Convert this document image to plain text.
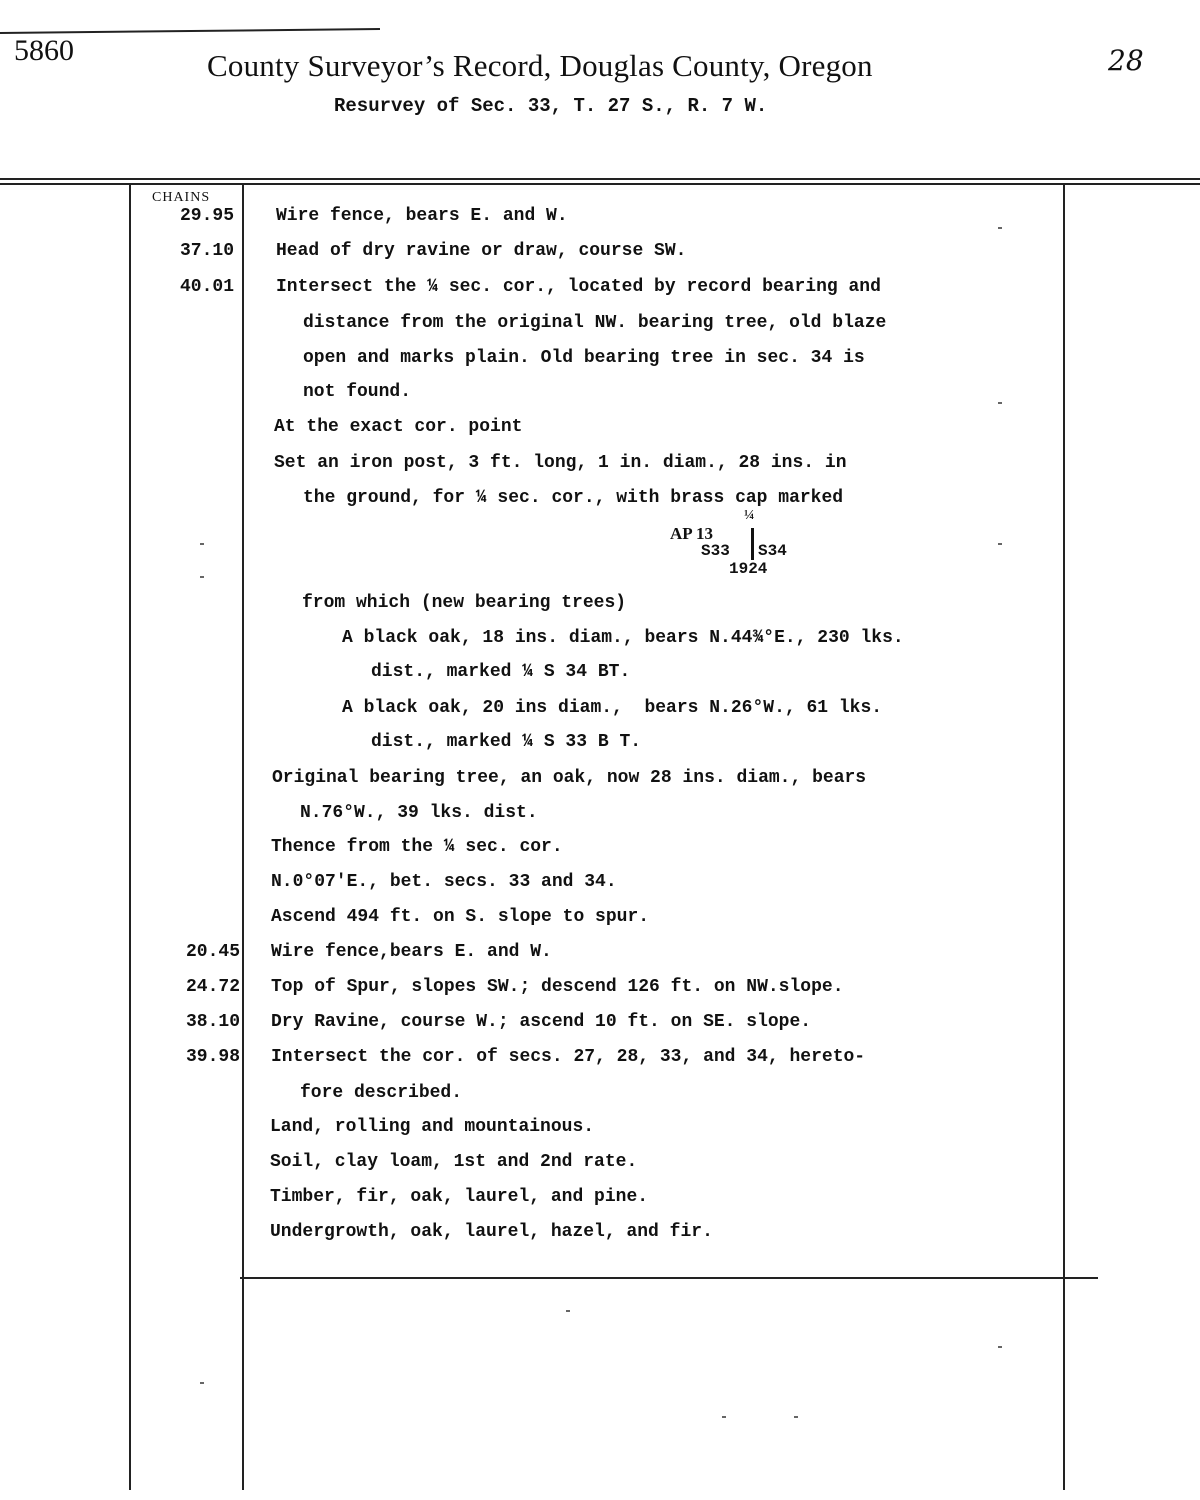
5860	County Surveyor’s Record, Douglas County, Oregon	28
Resurvey of Sec. 33, T. 27 S., R. 7 W.
CHAINS
29.95
37.10
40.01
20.45
24.72
38.10
39.98
Wire fence, bears E. and W.
Head of dry ravine or draw, course SW.
Intersect the ¼ sec. cor., located by record bearing and
distance from the original NW. bearing tree, old blaze
open and marks plain. Old bearing tree in sec. 34 is
not found.
At the exact cor. point
Set an iron post, 3 ft. long, 1 in. diam., 28 ins. in
the ground, for ¼ sec. cor., with brass cap marked
¼
AP 13
S33 S34
1924
from which (new bearing trees)
A black oak, 18 ins. diam., bears N.44¾°E., 230 lks.
dist., marked ¼ S 34 BT.
A black oak, 20 ins diam.,  bears N.26°W., 61 lks.
dist., marked ¼ S 33 B T.
Original bearing tree, an oak, now 28 ins. diam., bears
N.76°W., 39 lks. dist.
Thence from the ¼ sec. cor.
N.0°07'E., bet. secs. 33 and 34.
Ascend 494 ft. on S. slope to spur.
Wire fence,bears E. and W.
Top of Spur, slopes SW.; descend 126 ft. on NW.slope.
Dry Ravine, course W.; ascend 10 ft. on SE. slope.
Intersect the cor. of secs. 27, 28, 33, and 34, hereto-
fore described.
Land, rolling and mountainous.
Soil, clay loam, 1st and 2nd rate.
Timber, fir, oak, laurel, and pine.
Undergrowth, oak, laurel, hazel, and fir.
